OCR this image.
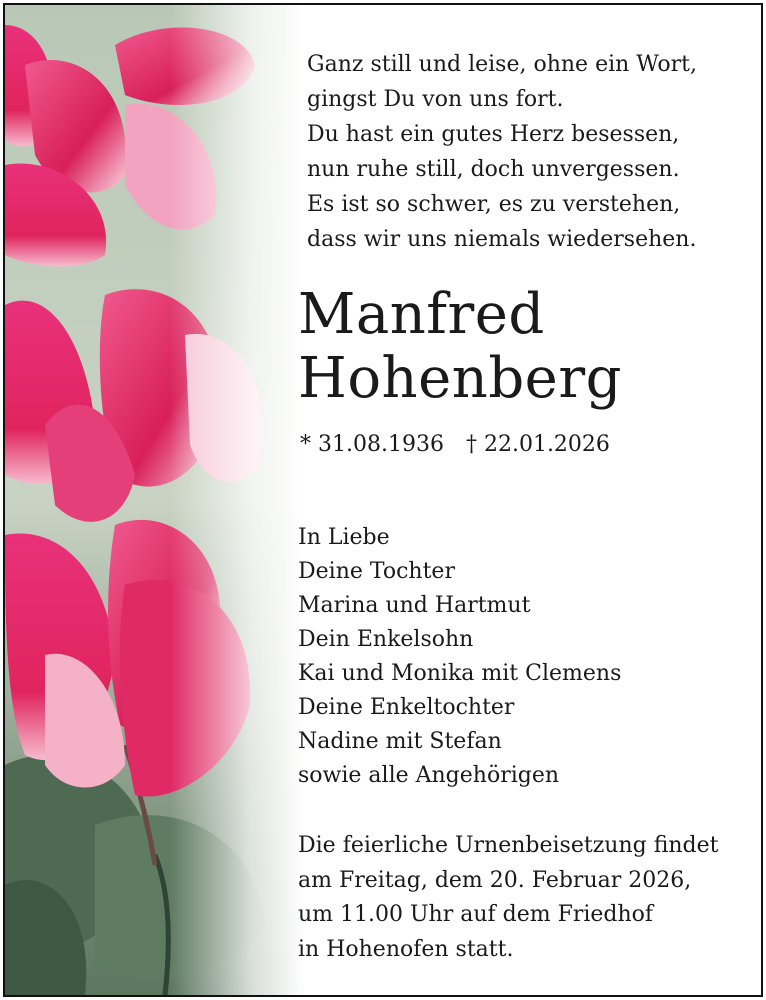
Ganz still und leise, ohne ein Wort,
gingst Du von uns fort.
Du hast ein gutes Herz besessen,
nun ruhe still, doch unvergessen.
Es ist so schwer, es zu verstehen,
dass wir uns niemals wiedersehen.
Manfred
Hohenberg
* 31.08.1936 † 22.01.2026
In Liebe
Deine Tochter
Marina und Hartmut
Dein Enkelsohn
Kai und Monika mit Clemens
Deine Enkeltochter
Nadine mit Stefan
sowie alle Angehörigen
Die feierliche Urnenbeisetzung findet
am Freitag, dem 20. Februar 2026,
um 11.00 Uhr auf dem Friedhof
in Hohenofen statt.
